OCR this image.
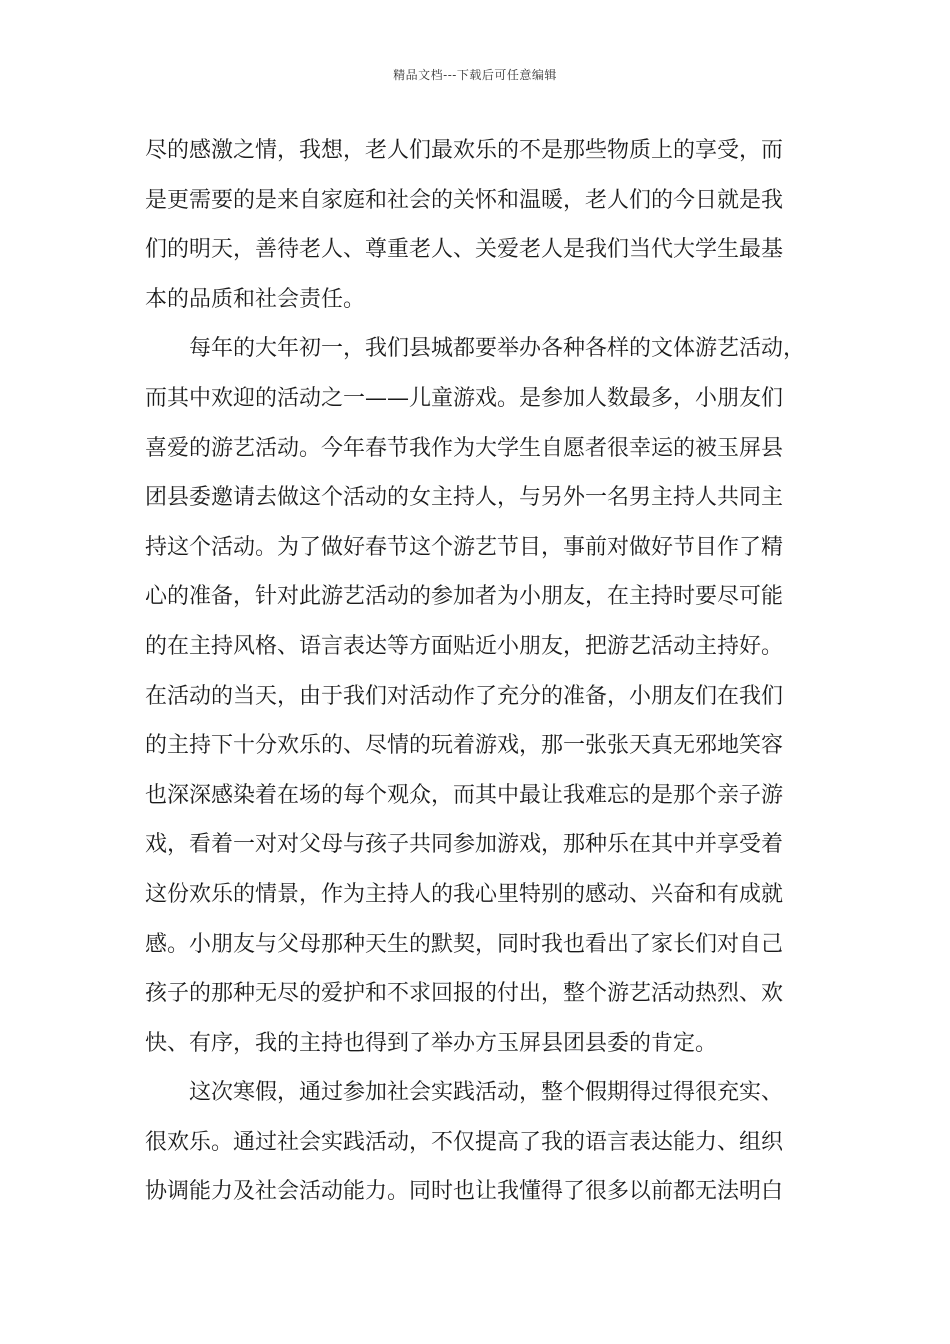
精品文档---下载后可任意编辑
尽的感激之情，我想，老人们最欢乐的不是那些物质上的享受，而
是更需要的是来自家庭和社会的关怀和温暖，老人们的今日就是我
们的明天，善待老人、尊重老人、关爱老人是我们当代大学生最基
本的品质和社会责任。
每年的大年初一，我们县城都要举办各种各样的文体游艺活动，
而其中欢迎的活动之一——儿童游戏。是参加人数最多，小朋友们
喜爱的游艺活动。今年春节我作为大学生自愿者很幸运的被玉屏县
团县委邀请去做这个活动的女主持人，与另外一名男主持人共同主
持这个活动。为了做好春节这个游艺节目，事前对做好节目作了精
心的准备，针对此游艺活动的参加者为小朋友，在主持时要尽可能
的在主持风格、语言表达等方面贴近小朋友，把游艺活动主持好。
在活动的当天，由于我们对活动作了充分的准备，小朋友们在我们
的主持下十分欢乐的、尽情的玩着游戏，那一张张天真无邪地笑容
也深深感染着在场的每个观众，而其中最让我难忘的是那个亲子游
戏，看着一对对父母与孩子共同参加游戏，那种乐在其中并享受着
这份欢乐的情景，作为主持人的我心里特别的感动、兴奋和有成就
感。小朋友与父母那种天生的默契，同时我也看出了家长们对自己
孩子的那种无尽的爱护和不求回报的付出，整个游艺活动热烈、欢
快、有序，我的主持也得到了举办方玉屏县团县委的肯定。
这次寒假，通过参加社会实践活动，整个假期得过得很充实、
很欢乐。通过社会实践活动，不仅提高了我的语言表达能力、组织
协调能力及社会活动能力。同时也让我懂得了很多以前都无法明白
